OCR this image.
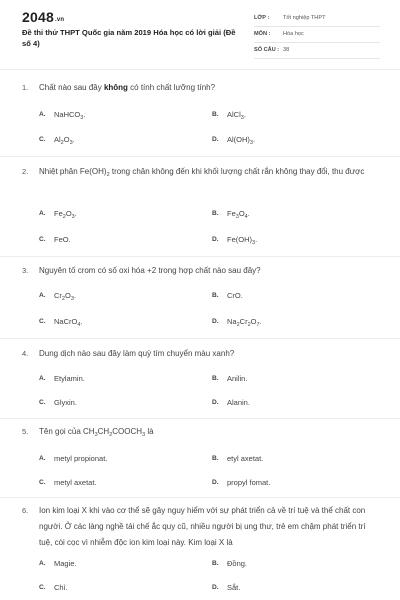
2048.vn
Đề thi thử THPT Quốc gia năm 2019 Hóa học có lời giải (Đề số 4)
LỚP : Tốt nghiệp THPT
MÔN : Hóa học
SỐ CÂU : 38
1. Chất nào sau đây không có tính chất lưỡng tính?
A. NaHCO$_3$.	B. AlCl$_3$.
C. $Al_2O_3$.	D. $Al(OH)_3$.
2. Nhiệt phân $Fe(OH)_2$ trong chân không đến khi khối lượng chất rắn không thay đổi, thu được
A. $Fe_2O_3$.	B. $Fe_3O_4$.
C. FeO.	D. $Fe(OH)_3$.
3. Nguyên tố crom có số oxi hóa +2 trong hợp chất nào sau đây?
A. $Cr_2O_3$.	B. CrO.
C. NaCrO$_4$.	D. $Na_2Cr_2O_7$.
4. Dung dịch nào sau đây làm quỳ tím chuyển màu xanh?
A. Etylamin.	B. Anilin.
C. Glyxin.	D. Alanin.
5. Tên gọi của $CH_3CH_2COOCH_3$ là
A. metyl propionat.	B. etyl axetat.
C. metyl axetat.	D. propyl fomat.
6. Ion kim loại X khi vào cơ thể sẽ gây nguy hiểm với sự phát triển cả về trí tuệ và thể chất con người. Ở các làng nghề tái chế ắc quy cũ, nhiều người bị ung thư, trẻ em chậm phát triển trí tuệ, còi cọc vì nhiễm độc ion kim loại này. Kim loại X là
A. Magie.	B. Đồng.
C. Chì.	D. Sắt.
